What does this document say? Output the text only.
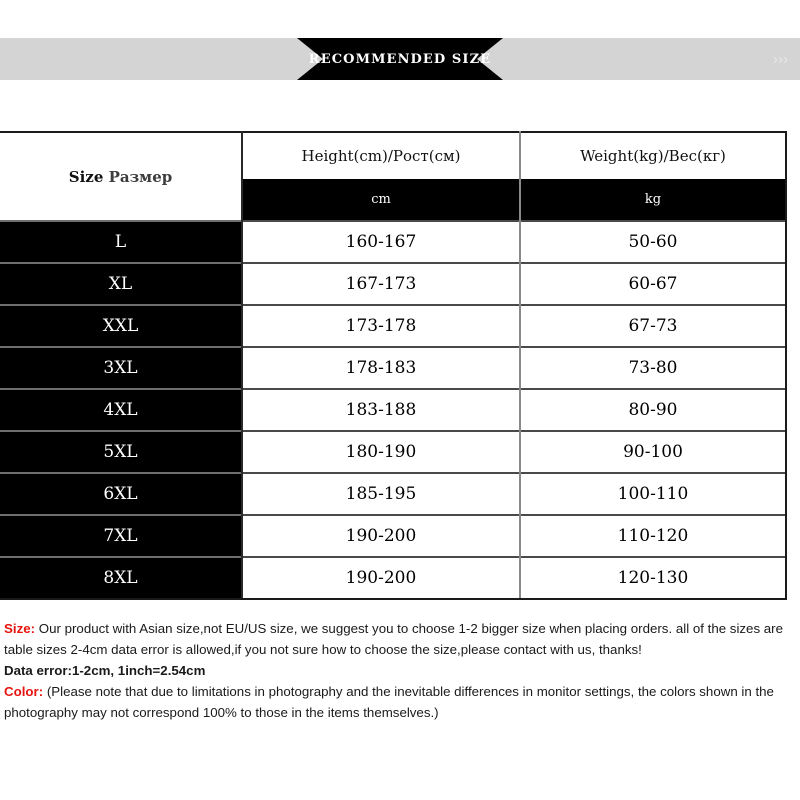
RECOMMENDED SIZE	›››
Size Размер	Height(cm)/Рост(см)	Weight(kg)/Вес(кг)
	cm	kg
L	160-167	50-60
XL	167-173	60-67
XXL	173-178	67-73
3XL	178-183	73-80
4XL	183-188	80-90
5XL	180-190	90-100
6XL	185-195	100-110
7XL	190-200	110-120
8XL	190-200	120-130

Size: Our product with Asian size,not EU/US size, we suggest you to choose 1-2 bigger size when placing orders. all of the sizes are table sizes 2-4cm data error is allowed,if you not sure how to choose the size,please contact with us, thanks!

Data error:1-2cm, 1inch=2.54cm

Color: (Please note that due to limitations in photography and the inevitable differences in monitor settings, the colors shown in the photography may not correspond 100% to those in the items themselves.)
